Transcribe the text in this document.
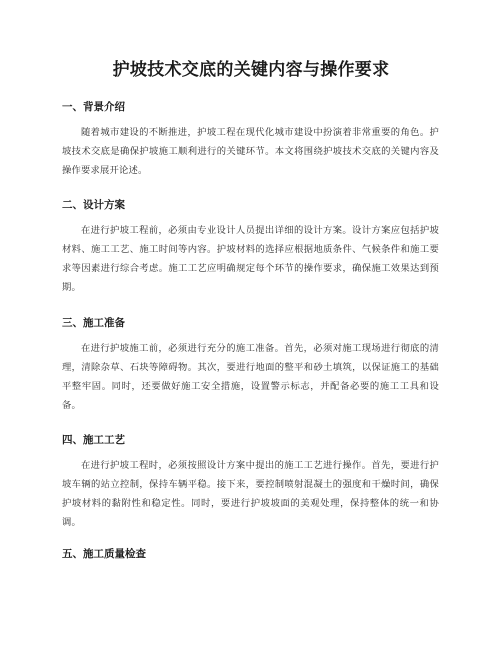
护坡技术交底的关键内容与操作要求
一、背景介绍

随着城市建设的不断推进，护坡工程在现代化城市建设中扮演着非常重要的角色。护坡技术交底是确保护坡施工顺利进行的关键环节。本文将围绕护坡技术交底的关键内容及操作要求展开论述。

二、设计方案

在进行护坡工程前，必须由专业设计人员提出详细的设计方案。设计方案应包括护坡材料、施工工艺、施工时间等内容。护坡材料的选择应根据地质条件、气候条件和施工要求等因素进行综合考虑。施工工艺应明确规定每个环节的操作要求，确保施工效果达到预期。

三、施工准备

在进行护坡施工前，必须进行充分的施工准备。首先，必须对施工现场进行彻底的清理，清除杂草、石块等障碍物。其次，要进行地面的整平和砂土填筑，以保证施工的基础平整牢固。同时，还要做好施工安全措施，设置警示标志，并配备必要的施工工具和设备。

四、施工工艺

在进行护坡工程时，必须按照设计方案中提出的施工工艺进行操作。首先，要进行护坡车辆的站立控制，保持车辆平稳。接下来，要控制喷射混凝土的强度和干燥时间，确保护坡材料的黏附性和稳定性。同时，要进行护坡坡面的美观处理，保持整体的统一和协调。

五、施工质量检查
